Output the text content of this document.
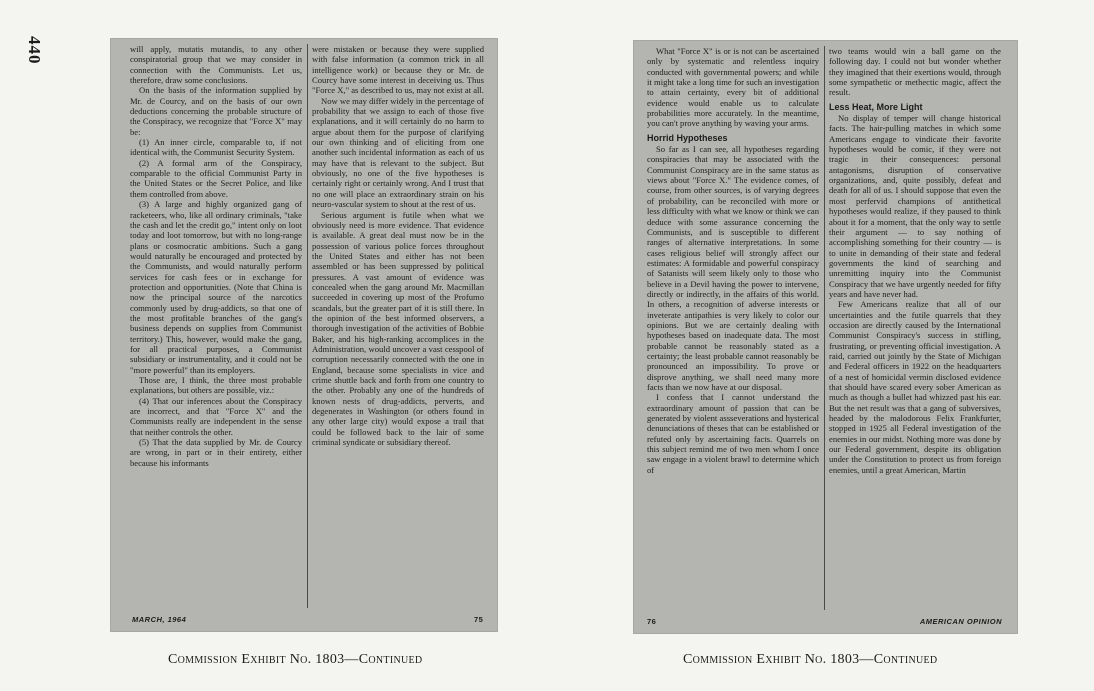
440	will apply, mutatis mutandis, to any other conspiratorial group that we may consider in connection with the Communists. Let us, therefore, draw some conclusions.

On the basis of the information supplied by Mr. de Courcy, and on the basis of our own deductions concerning the probable structure of the Conspiracy, we recognize that "Force X" may be:

(1) An inner circle, comparable to, if not identical with, the Communist Security System.

(2) A formal arm of the Conspiracy, comparable to the official Communist Party in the United States or the Secret Police, and like them controlled from above.

(3) A large and highly organized gang of racketeers, who, like all ordinary criminals, "take the cash and let the credit go," intent only on loot today and loot tomorrow, but with no long-range plans or cosmocratic ambitions. Such a gang would naturally be encouraged and protected by the Communists, and would naturally perform services for cash fees or in exchange for protection and opportunities. (Note that China is now the principal source of the narcotics commonly used by drug-addicts, so that one of the most profitable branches of the gang's business depends on supplies from Communist territory.) This, however, would make the gang, for all practical purposes, a Communist subsidiary or instrumentality, and it could not be "more powerful" than its employers.

Those are, I think, the three most probable explanations, but others are possible, viz.:

(4) That our inferences about the Conspiracy are incorrect, and that "Force X" and the Communists really are independent in the sense that neither controls the other.

(5) That the data supplied by Mr. de Courcy are wrong, in part or in their entirety, either because his informants

were mistaken or because they were supplied with false information (a common trick in all intelligence work) or because they or Mr. de Courcy have some interest in deceiving us. Thus "Force X," as described to us, may not exist at all.

Now we may differ widely in the percentage of probability that we assign to each of those five explanations, and it will certainly do no harm to argue about them for the purpose of clarifying our own thinking and of eliciting from one another such incidental information as each of us may have that is relevant to the subject. But obviously, no one of the five hypotheses is certainly right or certainly wrong. And I trust that no one will place an extraordinary strain on his neuro-vascular system to shout at the rest of us.

Serious argument is futile when what we obviously need is more evidence. That evidence is available. A great deal must now be in the possession of various police forces throughout the United States and either has not been assembled or has been suppressed by political pressures. A vast amount of evidence was concealed when the gang around Mr. Macmillan succeeded in covering up most of the Profumo scandals, but the greater part of it is still there. In the opinion of the best informed observers, a thorough investigation of the activities of Bobbie Baker, and his high-ranking accomplices in the Administration, would uncover a vast cesspool of corruption necessarily connected with the one in England, because some specialists in vice and crime shuttle back and forth from one country to the other. Probably any one of the hundreds of known nests of drug-addicts, perverts, and degenerates in Washington (or others found in any other large city) would expose a trail that could be followed back to the lair of some criminal syndicate or subsidiary thereof.

MARCH, 1964	75

What "Force X" is or is not can be ascertained only by systematic and relentless inquiry conducted with governmental powers; and while it might take a long time for such an investigation to attain certainty, every bit of additional evidence would enable us to calculate probabilities more accurately. In the meantime, you can't prove anything by waving your arms.

Horrid Hypotheses

So far as I can see, all hypotheses regarding conspiracies that may be associated with the Communist Conspiracy are in the same status as views about "Force X." The evidence comes, of course, from other sources, is of varying degrees of probability, can be reconciled with more or less difficulty with what we know or think we can deduce with some assurance concerning the Communists, and is susceptible to different ranges of alternative interpretations. In some cases religious belief will strongly affect our estimates: A formidable and powerful conspiracy of Satanists will seem likely only to those who believe in a Devil having the power to intervene, directly or indirectly, in the affairs of this world. In others, a recognition of adverse interests or inveterate antipathies is very likely to color our opinions. But we are certainly dealing with hypotheses based on inadequate data. The most probable cannot be reasonably stated as a certainty; the least probable cannot reasonably be pronounced an impossibility. To prove or disprove anything, we shall need many more facts than we now have at our disposal.

I confess that I cannot understand the extraordinary amount of passion that can be generated by violent assseverations and hysterical denunciations of theses that can be established or refuted only by ascertaining facts. Quarrels on this subject remind me of two men whom I once saw engage in a violent brawl to determine which of

two teams would win a ball game on the following day. I could not but wonder whether they imagined that their exertions would, through some sympathetic or methectic magic, affect the result.

Less Heat, More Light

No display of temper will change historical facts. The hair-pulling matches in which some Americans engage to vindicate their favorite hypotheses would be comic, if they were not tragic in their consequences: personal antagonisms, disruption of conservative organizations, and, quite possibly, defeat and death for all of us. I should suppose that even the most perfervid champions of antithetical hypotheses would realize, if they paused to think about it for a moment, that the only way to settle their argument — to say nothing of accomplishing something for their country — is to unite in demanding of their state and federal governments the kind of searching and unremitting inquiry into the Communist Conspiracy that we have urgently needed for fifty years and have never had.

Few Americans realize that all of our uncertainties and the futile quarrels that they occasion are directly caused by the International Communist Conspiracy's success in stifling, frustrating, or preventing official investigation. A raid, carried out jointly by the State of Michigan and Federal officers in 1922 on the headquarters of a nest of homicidal vermin disclosed evidence that should have scared every sober American as much as though a bullet had whizzed past his ear. But the net result was that a gang of subversives, headed by the malodorous Felix Frankfurter, stopped in 1925 all Federal investigation of the enemies in our midst. Nothing more was done by our Federal government, despite its obligation under the Constitution to protect us from foreign enemies, until a great American, Martin

76	AMERICAN OPINION
Commission Exhibit No. 1803—Continued	Commission Exhibit No. 1803—Continued
